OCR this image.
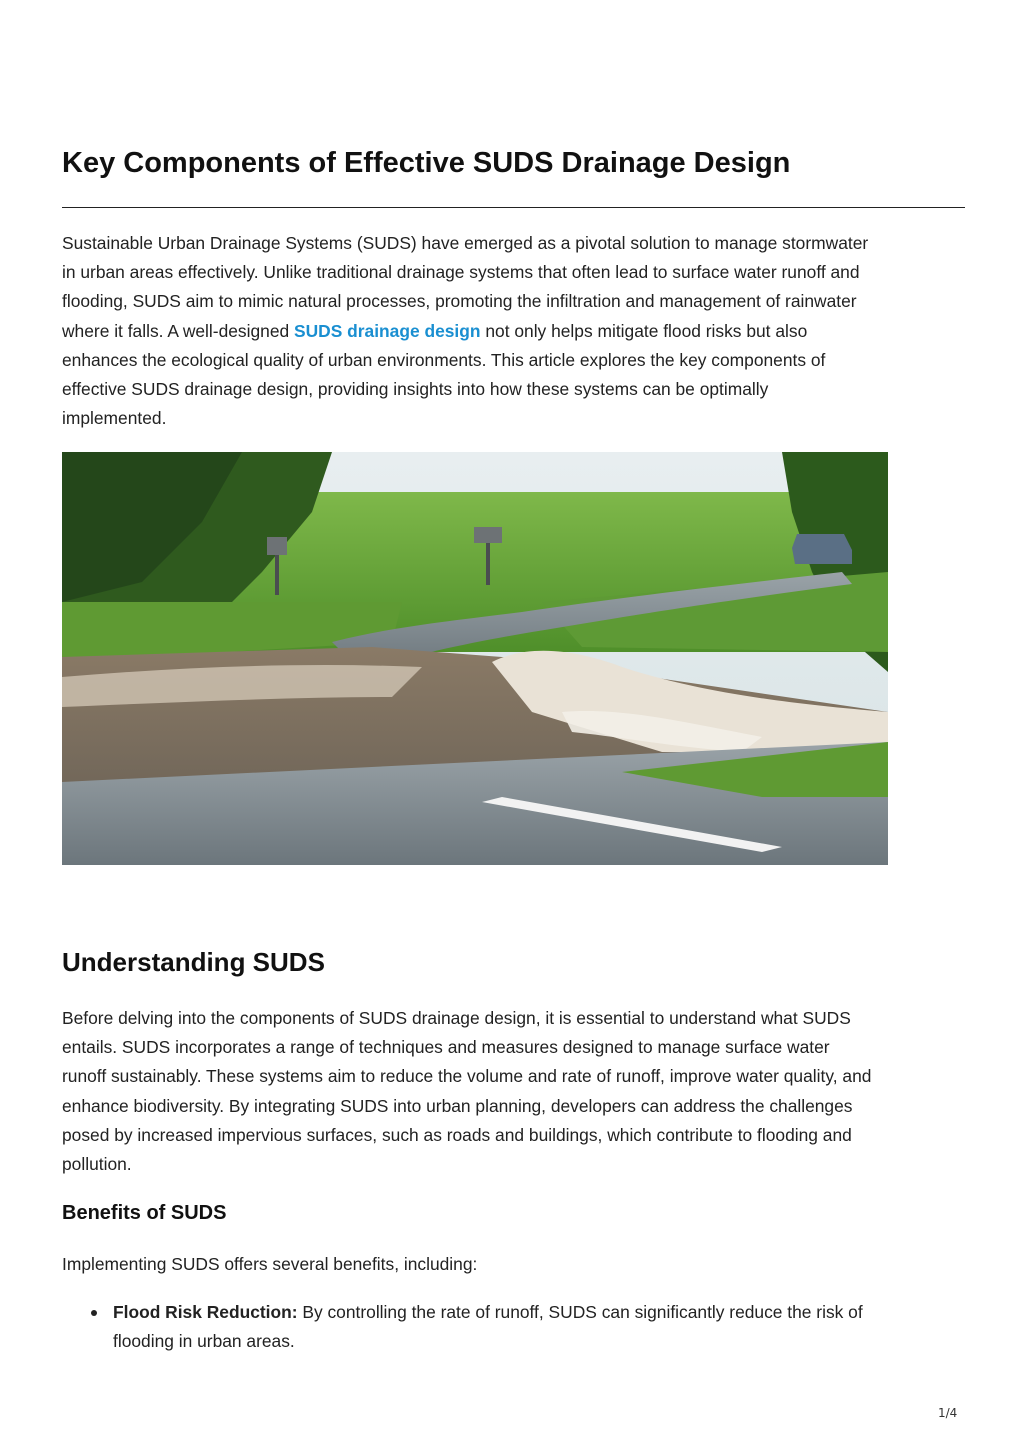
Key Components of Effective SUDS Drainage Design

Sustainable Urban Drainage Systems (SUDS) have emerged as a pivotal solution to manage stormwater
in urban areas effectively. Unlike traditional drainage systems that often lead to surface water runoff and
flooding, SUDS aim to mimic natural processes, promoting the infiltration and management of rainwater
where it falls. A well-designed SUDS drainage design not only helps mitigate flood risks but also
enhances the ecological quality of urban environments. This article explores the key components of
effective SUDS drainage design, providing insights into how these systems can be optimally
implemented.

Understanding SUDS

Before delving into the components of SUDS drainage design, it is essential to understand what SUDS
entails. SUDS incorporates a range of techniques and measures designed to manage surface water
runoff sustainably. These systems aim to reduce the volume and rate of runoff, improve water quality, and
enhance biodiversity. By integrating SUDS into urban planning, developers can address the challenges
posed by increased impervious surfaces, such as roads and buildings, which contribute to flooding and
pollution.

Benefits of SUDS

Implementing SUDS offers several benefits, including:

Flood Risk Reduction: By controlling the rate of runoff, SUDS can significantly reduce the risk of
flooding in urban areas.
1/4
